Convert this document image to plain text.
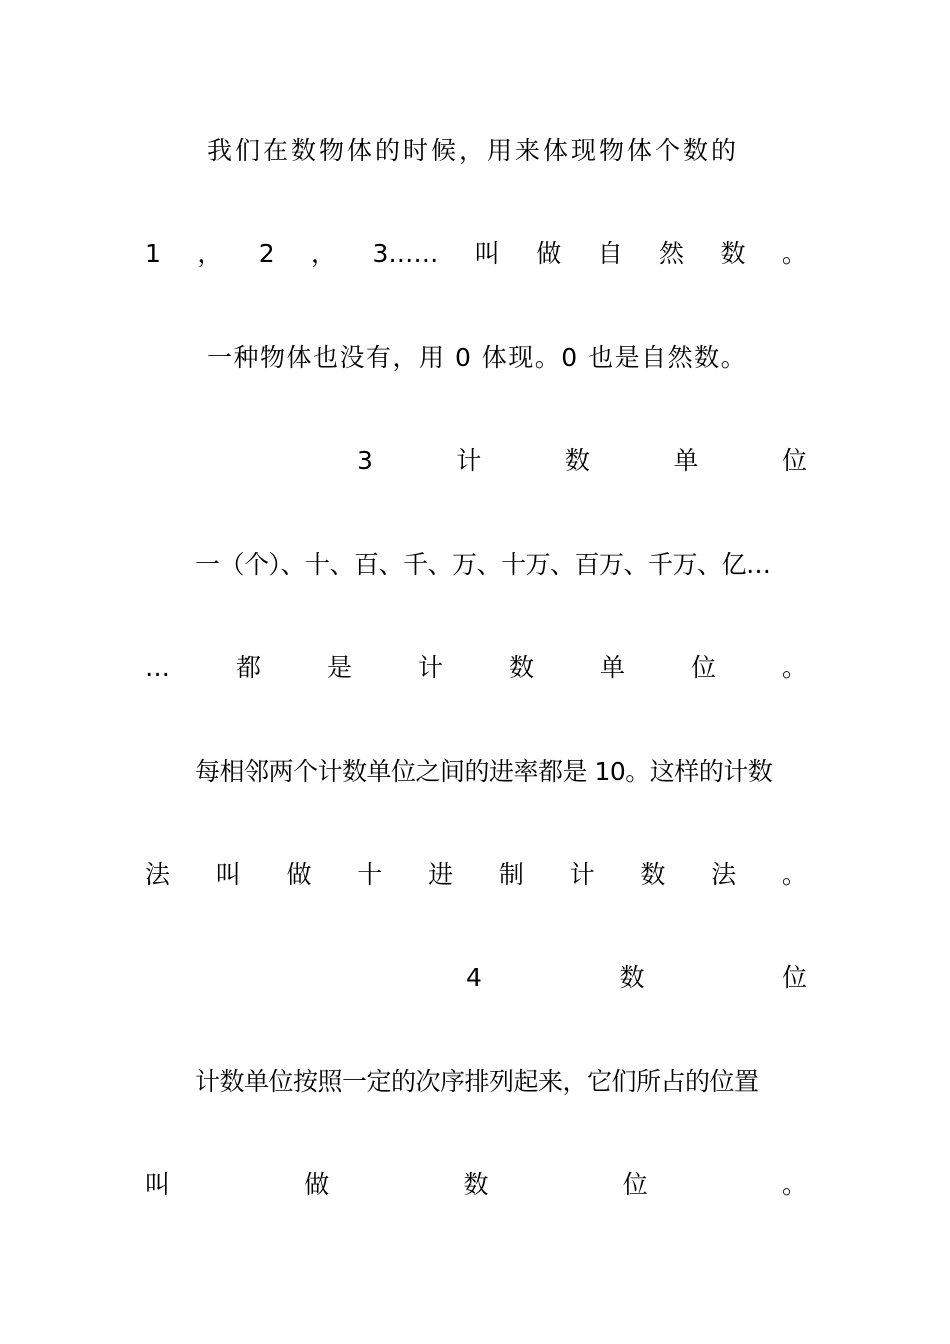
我们在数物体的时候，用来体现物体个数的
1 ， 2 ， 3…… 叫 做 自 然 数 。
一种物体也没有，用 0 体现。0 也是自然数。
3	计	数	单	位
一（个）、十、百、千、万、十万、百万、千万、亿…
…	都	是	计	数	单	位	。
每相邻两个计数单位之间的进率都是 10。这样的计数
法 叫 做 十 进 制 计 数 法 。
4	数	位
计数单位按照一定的次序排列起来，它们所占的位置
叫	做	数	位	。
